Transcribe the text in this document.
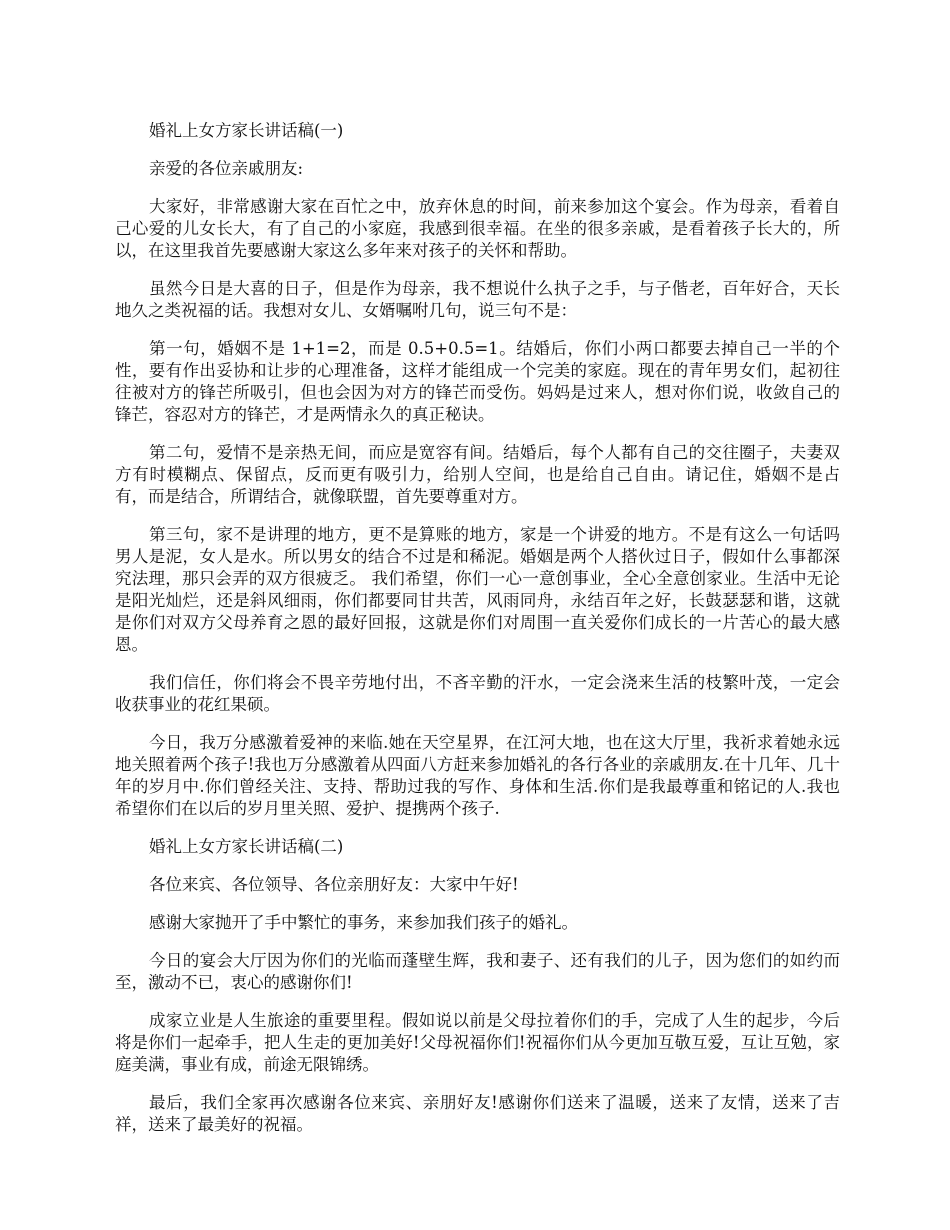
婚礼上女方家长讲话稿(一)

亲爱的各位亲戚朋友:

大家好，非常感谢大家在百忙之中，放弃休息的时间，前来参加这个宴会。作为母亲，看着自己心爱的儿女长大，有了自己的小家庭，我感到很幸福。在坐的很多亲戚，是看着孩子长大的，所以，在这里我首先要感谢大家这么多年来对孩子的关怀和帮助。

虽然今日是大喜的日子，但是作为母亲，我不想说什么执子之手，与子偕老，百年好合，天长地久之类祝福的话。我想对女儿、女婿嘱咐几句，说三句不是：

第一句，婚姻不是 1+1=2，而是 0.5+0.5=1。结婚后，你们小两口都要去掉自己一半的个性，要有作出妥协和让步的心理准备，这样才能组成一个完美的家庭。现在的青年男女们，起初往往被对方的锋芒所吸引，但也会因为对方的锋芒而受伤。妈妈是过来人，想对你们说，收敛自己的锋芒，容忍对方的锋芒，才是两情永久的真正秘诀。

第二句，爱情不是亲热无间，而应是宽容有间。结婚后，每个人都有自己的交往圈子，夫妻双方有时模糊点、保留点，反而更有吸引力，给别人空间，也是给自己自由。请记住，婚姻不是占有，而是结合，所谓结合，就像联盟，首先要尊重对方。

第三句，家不是讲理的地方，更不是算账的地方，家是一个讲爱的地方。不是有这么一句话吗男人是泥，女人是水。所以男女的结合不过是和稀泥。婚姻是两个人搭伙过日子，假如什么事都深究法理，那只会弄的双方很疲乏。 我们希望，你们一心一意创事业，全心全意创家业。生活中无论是阳光灿烂，还是斜风细雨，你们都要同甘共苦，风雨同舟，永结百年之好，长鼓瑟瑟和谐，这就是你们对双方父母养育之恩的最好回报，这就是你们对周围一直关爱你们成长的一片苦心的最大感恩。

我们信任，你们将会不畏辛劳地付出，不吝辛勤的汗水，一定会浇来生活的枝繁叶茂，一定会收获事业的花红果硕。

今日，我万分感激着爱神的来临.她在天空星界，在江河大地，也在这大厅里，我祈求着她永远地关照着两个孩子!我也万分感激着从四面八方赶来参加婚礼的各行各业的亲戚朋友.在十几年、几十年的岁月中.你们曾经关注、支持、帮助过我的写作、身体和生活.你们是我最尊重和铭记的人.我也希望你们在以后的岁月里关照、爱护、提携两个孩子.

婚礼上女方家长讲话稿(二)

各位来宾、各位领导、各位亲朋好友：大家中午好!

感谢大家抛开了手中繁忙的事务，来参加我们孩子的婚礼。

今日的宴会大厅因为你们的光临而蓬壁生辉，我和妻子、还有我们的儿子，因为您们的如约而至，激动不已，衷心的感谢你们!

成家立业是人生旅途的重要里程。假如说以前是父母拉着你们的手，完成了人生的起步，今后将是你们一起牵手，把人生走的更加美好!父母祝福你们!祝福你们从今更加互敬互爱，互让互勉，家庭美满，事业有成，前途无限锦绣。

最后，我们全家再次感谢各位来宾、亲朋好友!感谢你们送来了温暖，送来了友情，送来了吉祥，送来了最美好的祝福。
